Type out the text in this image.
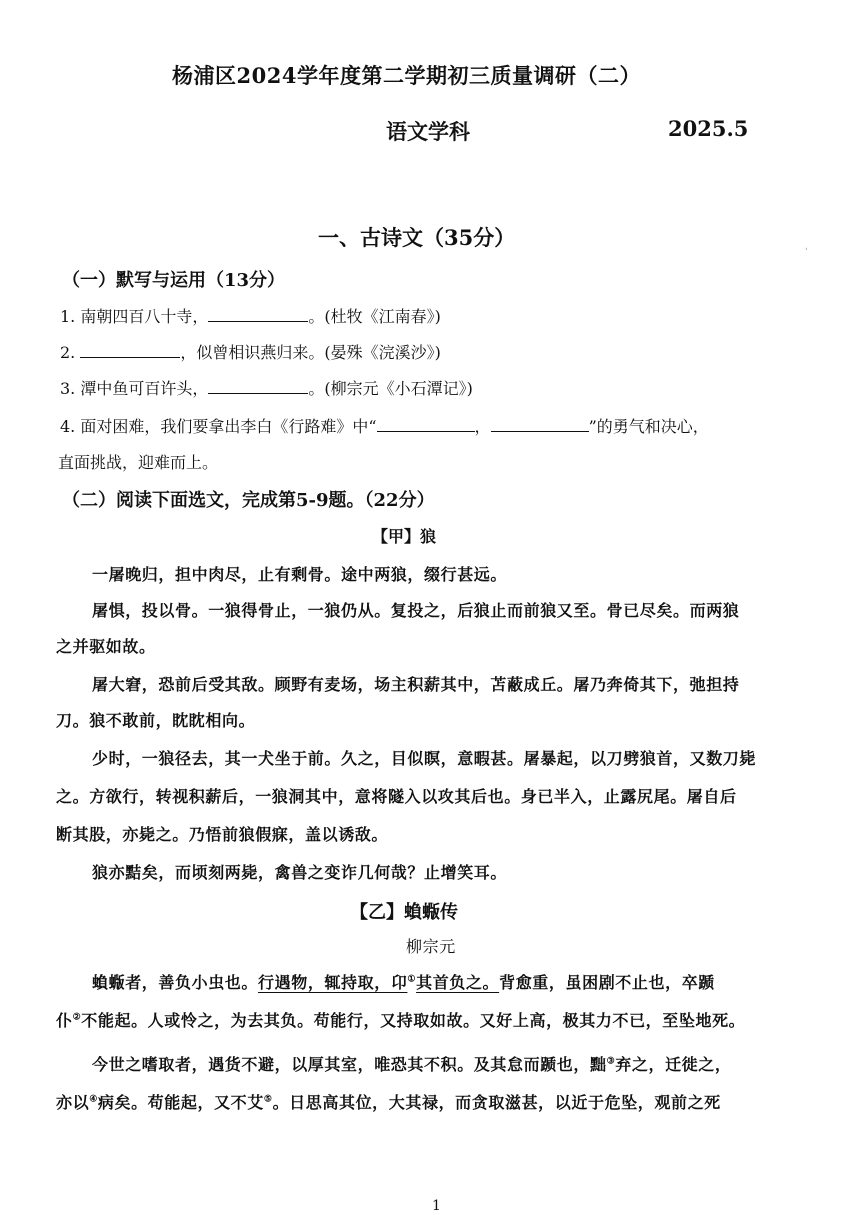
杨浦区2024学年度第二学期初三质量调研（二）
语文学科	2025.5
ˈ
一、古诗文（35分）
（一）默写与运用（13分）
1. 南朝四百八十寺，	。(杜牧《江南春》)
2.	，似曾相识燕归来。(晏殊《浣溪沙》)
3. 潭中鱼可百许头，	。(柳宗元《小石潭记》)
4. 面对困难，我们要拿出李白《行路难》中“	，	”的勇气和决心，
直面挑战，迎难而上。
（二）阅读下面选文，完成第5-9题。（22分）
【甲】狼
一屠晚归，担中肉尽，止有剩骨。途中两狼，缀行甚远。
屠惧，投以骨。一狼得骨止，一狼仍从。复投之，后狼止而前狼又至。骨已尽矣。而两狼
之并驱如故。
屠大窘，恐前后受其敌。顾野有麦场，场主积薪其中，苫蔽成丘。屠乃奔倚其下，弛担持
刀。狼不敢前，眈眈相向。
少时，一狼径去，其一犬坐于前。久之，目似瞑，意暇甚。屠暴起，以刀劈狼首，又数刀毙
之。方欲行，转视积薪后，一狼洞其中，意将隧入以攻其后也。身已半入，止露尻尾。屠自后
断其股，亦毙之。乃悟前狼假寐，盖以诱敌。
狼亦黠矣，而顷刻两毙，禽兽之变诈几何哉？止增笑耳。
【乙】蝜蝂传
柳宗元
蝜蝂者，善负小虫也。行遇物，辄持取，卬①其首负之。背愈重，虽困剧不止也，卒踬
仆②不能起。人或怜之，为去其负。苟能行，又持取如故。又好上高，极其力不已，至坠地死。
今世之嗜取者，遇货不避，以厚其室，唯恐其不积。及其怠而踬也，黜③弃之，迁徙之，
亦以④病矣。苟能起，又不艾⑤。日思高其位，大其禄，而贪取滋甚，以近于危坠，观前之死
1
